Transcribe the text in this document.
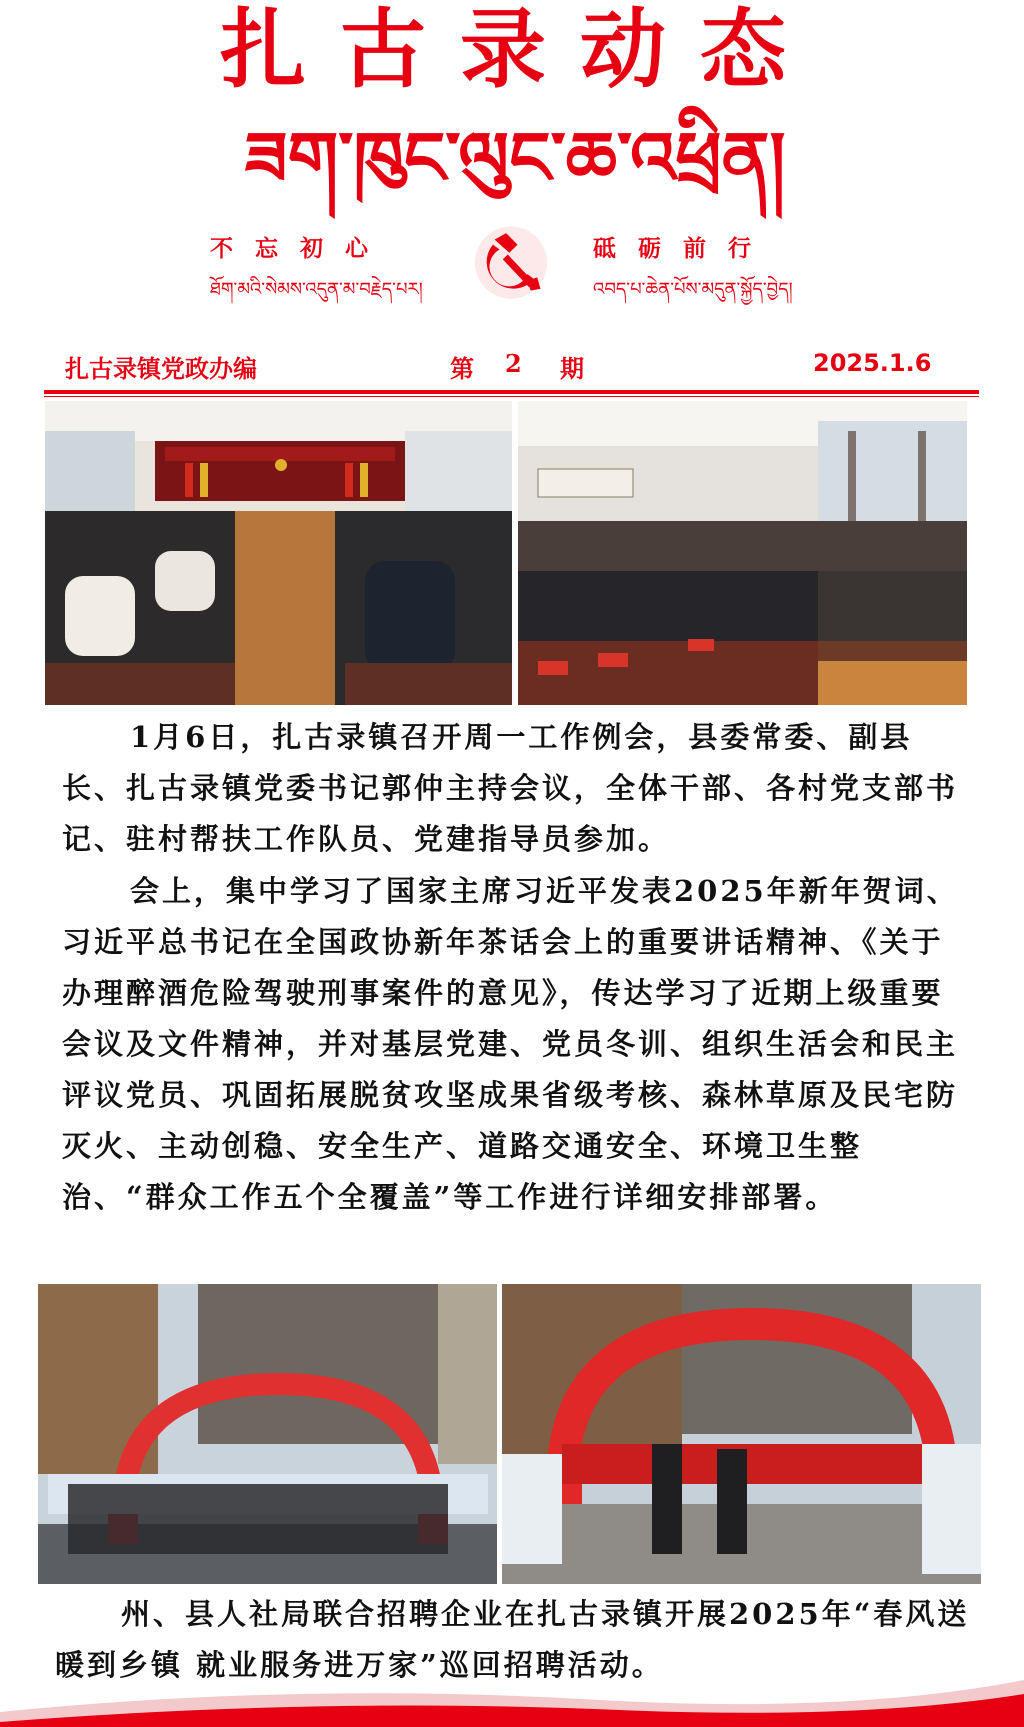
扎古录动态
ཟག་ཁུང་ལུང་ཆ་འཕྲིན།
不忘初心
ཐོག་མའི་སེམས་འདུན་མ་བརྗེད་པར།
砥砺前行
འབད་པ་ཆེན་པོས་མདུན་སྐྱོད་བྱེད།
扎古录镇党政办编	第 2 期	2025.1.6

1月6日，扎古录镇召开周一工作例会，县委常委、副县长、扎古录镇党委书记郭仲主持会议，全体干部、各村党支部书记、驻村帮扶工作队员、党建指导员参加。

会上，集中学习了国家主席习近平发表2025年新年贺词、习近平总书记在全国政协新年茶话会上的重要讲话精神、《关于办理醉酒危险驾驶刑事案件的意见》，传达学习了近期上级重要会议及文件精神，并对基层党建、党员冬训、组织生活会和民主评议党员、巩固拓展脱贫攻坚成果省级考核、森林草原及民宅防灭火、主动创稳、安全生产、道路交通安全、环境卫生整治、“群众工作五个全覆盖”等工作进行详细安排部署。

州、县人社局联合招聘企业在扎古录镇开展2025年“春风送暖到乡镇 就业服务进万家”巡回招聘活动。
